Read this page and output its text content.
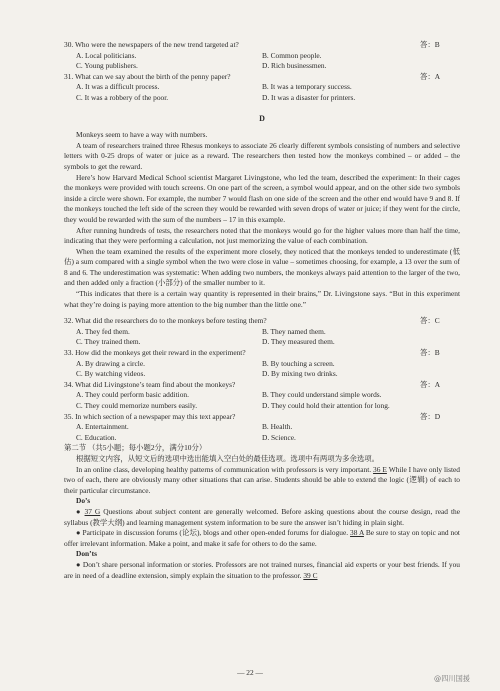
30. Who were the newspapers of the new trend targeted at?	答：B
A. Local politicians.	B. Common people.
C. Young publishers.	D. Rich businessmen.
31. What can we say about the birth of the penny paper?	答：A
A. It was a difficult process.	B. It was a temporary success.
C. It was a robbery of the poor.	D. It was a disaster for printers.
D

Monkeys seem to have a way with numbers.

A team of researchers trained three Rhesus monkeys to associate 26 clearly different symbols consisting of numbers and selective letters with 0-25 drops of water or juice as a reward. The researchers then tested how the monkeys combined – or added – the symbols to get the reward.

Here’s how Harvard Medical School scientist Margaret Livingstone, who led the team, described the experiment: In their cages the monkeys were provided with touch screens. On one part of the screen, a symbol would appear, and on the other side two symbols inside a circle were shown. For example, the number 7 would flash on one side of the screen and the other end would have 9 and 8. If the monkeys touched the left side of the screen they would be rewarded with seven drops of water or juice; if they went for the circle, they would be rewarded with the sum of the numbers – 17 in this example.

After running hundreds of tests, the researchers noted that the monkeys would go for the higher values more than half the time, indicating that they were performing a calculation, not just memorizing the value of each combination.

When the team examined the results of the experiment more closely, they noticed that the monkeys tended to underestimate (低估) a sum compared with a single symbol when the two were close in value – sometimes choosing, for example, a 13 over the sum of 8 and 6. The underestimation was systematic: When adding two numbers, the monkeys always paid attention to the larger of the two, and then added only a fraction (小部分) of the smaller number to it.

“This indicates that there is a certain way quantity is represented in their brains,” Dr. Livingstone says. “But in this experiment what they’re doing is paying more attention to the big number than the little one.”

32. What did the researchers do to the monkeys before testing them?	答：C
A. They fed them.	B. They named them.
C. They trained them.	D. They measured them.
33. How did the monkeys get their reward in the experiment?	答：B
A. By drawing a circle.	B. By touching a screen.
C. By watching videos.	D. By mixing two drinks.
34. What did Livingstone’s team find about the monkeys?	答：A
A. They could perform basic addition.	B. They could understand simple words.
C. They could memorize numbers easily.	D. They could hold their attention for long.
35. In which section of a newspaper may this text appear?	答：D
A. Entertainment.	B. Health.
C. Education.	D. Science.
第二节 （共5小题；每小题2分，满分10分）

根据短文内容，从短文后的选项中选出能填入空白处的最佳选项。选项中有两项为多余选项。

In an online class, developing healthy patterns of communication with professors is very important. 36 E While I have only listed two of each, there are obviously many other situations that can arise. Students should be able to extend the logic (逻辑) of each to their particular circumstance.

Do’s

● 37 G Questions about subject content are generally welcomed. Before asking questions about the course design, read the syllabus (教学大纲) and learning management system information to be sure the answer isn’t hiding in plain sight.

● Participate in discussion forums (论坛), blogs and other open-ended forums for dialogue. 38 A Be sure to stay on topic and not offer irrelevant information. Make a point, and make it safe for others to do the same.

Don’ts

● Don’t share personal information or stories. Professors are not trained nurses, financial aid experts or your best friends. If you are in need of a deadline extension, simply explain the situation to the professor. 39 C

— 22 —
@四川国援
